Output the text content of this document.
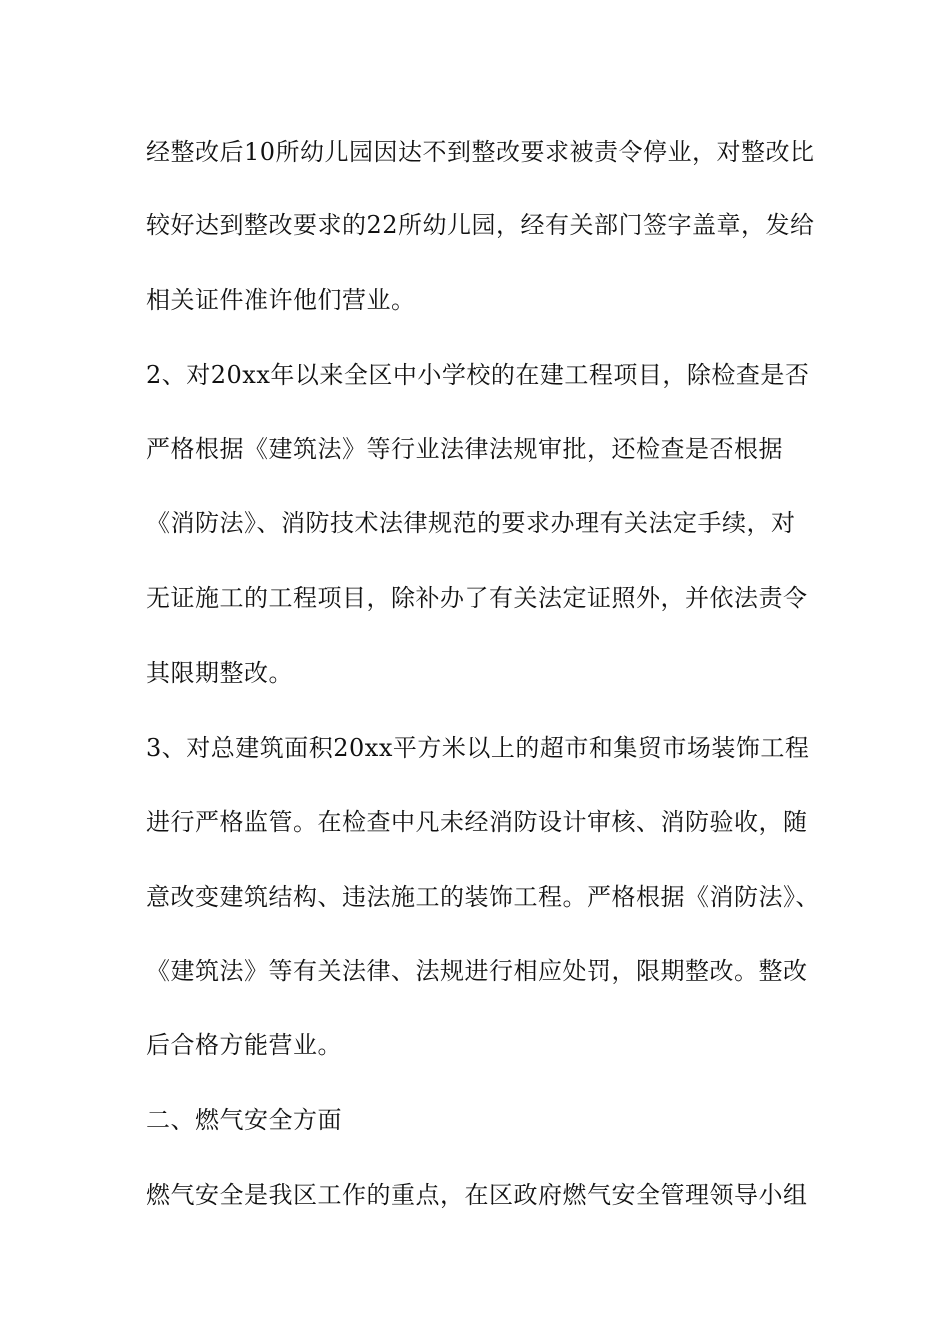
经整改后10所幼儿园因达不到整改要求被责令停业，对整改比
较好达到整改要求的22所幼儿园，经有关部门签字盖章，发给
相关证件准许他们营业。
2、对20xx年以来全区中小学校的在建工程项目，除检查是否
严格根据《建筑法》等行业法律法规审批，还检查是否根据
《消防法》、消防技术法律规范的要求办理有关法定手续，对
无证施工的工程项目，除补办了有关法定证照外，并依法责令
其限期整改。
3、对总建筑面积20xx平方米以上的超市和集贸市场装饰工程
进行严格监管。在检查中凡未经消防设计审核、消防验收，随
意改变建筑结构、违法施工的装饰工程。严格根据《消防法》、
《建筑法》等有关法律、法规进行相应处罚，限期整改。整改
后合格方能营业。
二、燃气安全方面
燃气安全是我区工作的重点，在区政府燃气安全管理领导小组
